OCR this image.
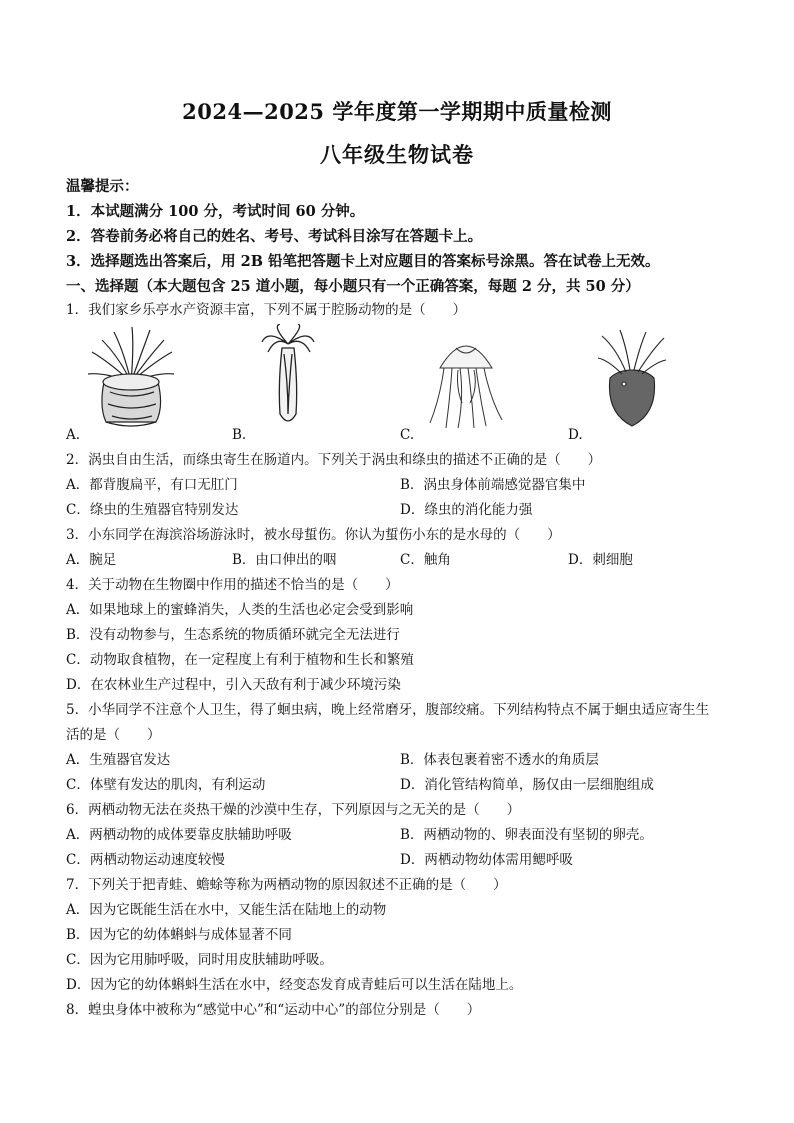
2024—2025 学年度第一学期期中质量检测
八年级生物试卷
温馨提示：
1．本试题满分 100 分，考试时间 60 分钟。
2．答卷前务必将自己的姓名、考号、考试科目涂写在答题卡上。
3．选择题选出答案后，用 2B 铅笔把答题卡上对应题目的答案标号涂黑。答在试卷上无效。
一、选择题（本大题包含 25 道小题，每小题只有一个正确答案，每题 2 分，共 50 分）
1．我们家乡乐亭水产资源丰富，下列不属于腔肠动物的是（　　）
A.	B.	C.	D.
2．涡虫自由生活，而绦虫寄生在肠道内。下列关于涡虫和绦虫的描述不正确的是（　　）
A．都背腹扁平，有口无肛门	B．涡虫身体前端感觉器官集中
C．绦虫的生殖器官特别发达	D．绦虫的消化能力强
3．小东同学在海滨浴场游泳时，被水母蜇伤。你认为蜇伤小东的是水母的（　　）
A．腕足	B．由口伸出的咽	C．触角	D．刺细胞
4．关于动物在生物圈中作用的描述不恰当的是（　　）
A．如果地球上的蜜蜂消失，人类的生活也必定会受到影响
B．没有动物参与，生态系统的物质循环就完全无法进行
C．动物取食植物，在一定程度上有利于植物和生长和繁殖
D．在农林业生产过程中，引入天敌有利于减少环境污染
5．小华同学不注意个人卫生，得了蛔虫病，晚上经常磨牙，腹部绞痛。下列结构特点不属于蛔虫适应寄生生
活的是（　　）
A．生殖器官发达	B．体表包裹着密不透水的角质层
C．体壁有发达的肌肉，有利运动	D．消化管结构简单，肠仅由一层细胞组成
6．两栖动物无法在炎热干燥的沙漠中生存，下列原因与之无关的是（　　）
A．两栖动物的成体要靠皮肤辅助呼吸	B．两栖动物的、卵表面没有坚韧的卵壳。
C．两栖动物运动速度较慢	D．两栖动物幼体需用鳃呼吸
7．下列关于把青蛙、蟾蜍等称为两栖动物的原因叙述不正确的是（　　）
A．因为它既能生活在水中，又能生活在陆地上的动物
B．因为它的幼体蝌蚪与成体显著不同
C．因为它用肺呼吸，同时用皮肤辅助呼吸。
D．因为它的幼体蝌蚪生活在水中，经变态发育成青蛙后可以生活在陆地上。
8．蝗虫身体中被称为“感觉中心”和“运动中心”的部位分别是（　　）
